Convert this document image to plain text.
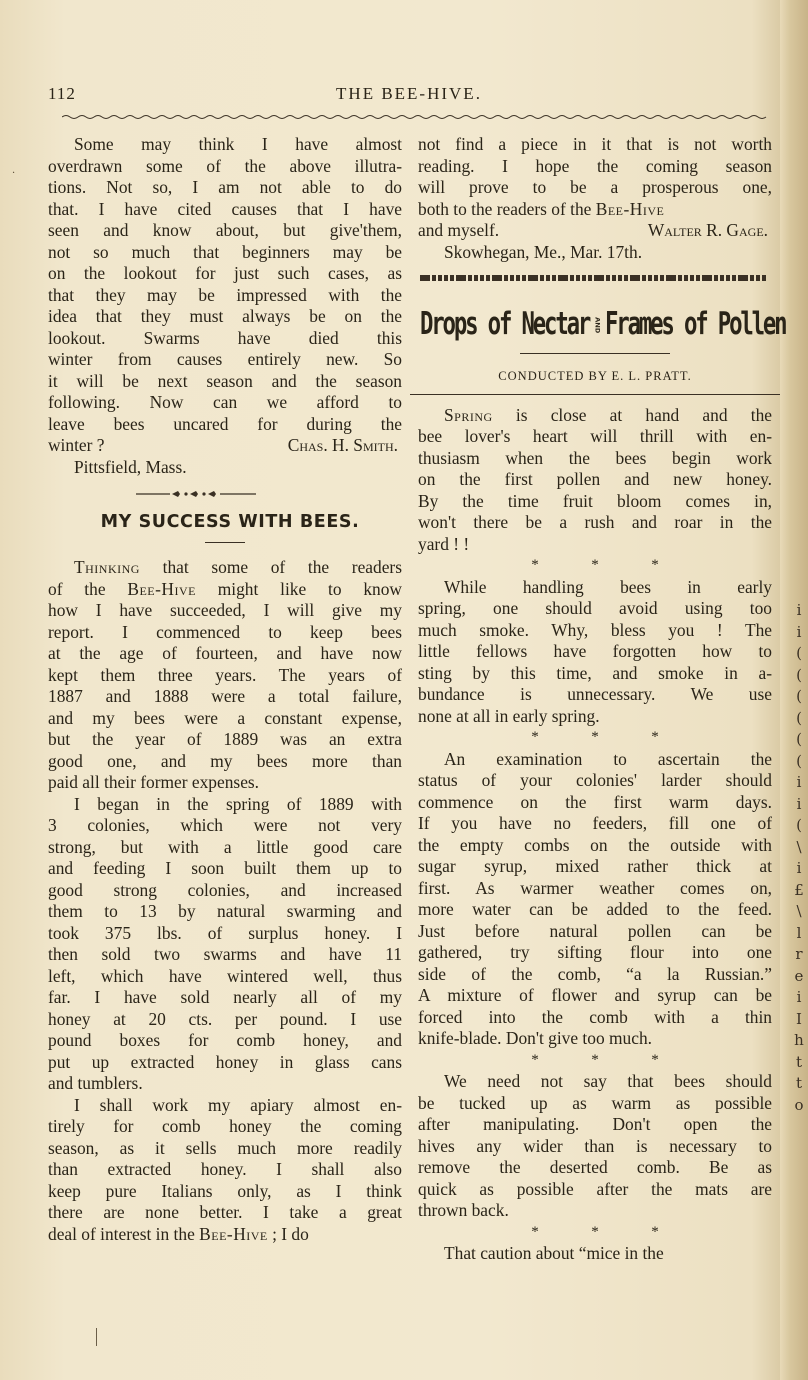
i
i
(
(
(
(
(
(
i
i
(
\
i
£
\
l
r
e
i
I
h
t
t
o
·
112	THE BEE-HIVE.
Some may think I have almost
overdrawn some of the above illutra-
tions. Not so, I am not able to do
that. I have cited causes that I have
seen and know about, but give'them,
not so much that beginners may be
on the lookout for just such cases, as
that they may be impressed with the
idea that they must always be on the
lookout. Swarms have died this
winter from causes entirely new. So
it will be next season and the season
following. Now can we afford to
leave bees uncared for during the
winter ?	Chas. H. Smith.
Pittsfield, Mass.
MY SUCCESS WITH BEES.
Thinking that some of the readers
of the Bee-Hive might like to know
how I have succeeded, I will give my
report. I commenced to keep bees
at the age of fourteen, and have now
kept them three years. The years of
1887 and 1888 were a total failure,
and my bees were a constant expense,
but the year of 1889 was an extra
good one, and my bees more than
paid all their former expenses.
I began in the spring of 1889 with
3 colonies, which were not very
strong, but with a little good care
and feeding I soon built them up to
good strong colonies, and increased
them to 13 by natural swarming and
took 375 lbs. of surplus honey. I
then sold two swarms and have 11
left, which have wintered well, thus
far. I have sold nearly all of my
honey at 20 cts. per pound. I use
pound boxes for comb honey, and
put up extracted honey in glass cans
and tumblers.
I shall work my apiary almost en-
tirely for comb honey the coming
season, as it sells much more readily
than extracted honey. I shall also
keep pure Italians only, as I think
there are none better. I take a great
deal of interest in the Bee-Hive ; I do
not find a piece in it that is not worth
reading. I hope the coming season
will prove to be a prosperous one,
both to the readers of the Bee-Hive
and myself.	Walter R. Gage.
Skowhegan, Me., Mar. 17th.
Drops of Nectar AND Frames of Pollen
CONDUCTED BY E. L. PRATT.
Spring is close at hand and the
bee lover's heart will thrill with en-
thusiasm when the bees begin work
on the first pollen and new honey.
By the time fruit bloom comes in,
won't there be a rush and roar in the
yard ! !
*	*	*
While handling bees in early
spring, one should avoid using too
much smoke. Why, bless you ! The
little fellows have forgotten how to
sting by this time, and smoke in a-
bundance is unnecessary. We use
none at all in early spring.
*	*	*
An examination to ascertain the
status of your colonies' larder should
commence on the first warm days.
If you have no feeders, fill one of
the empty combs on the outside with
sugar syrup, mixed rather thick at
first. As warmer weather comes on,
more water can be added to the feed.
Just before natural pollen can be
gathered, try sifting flour into one
side of the comb, “a la Russian.”
A mixture of flower and syrup can be
forced into the comb with a thin
knife-blade. Don't give too much.
*	*	*
We need not say that bees should
be tucked up as warm as possible
after manipulating. Don't open the
hives any wider than is necessary to
remove the deserted comb. Be as
quick as possible after the mats are
thrown back.
*	*	*
That caution about “mice in the
